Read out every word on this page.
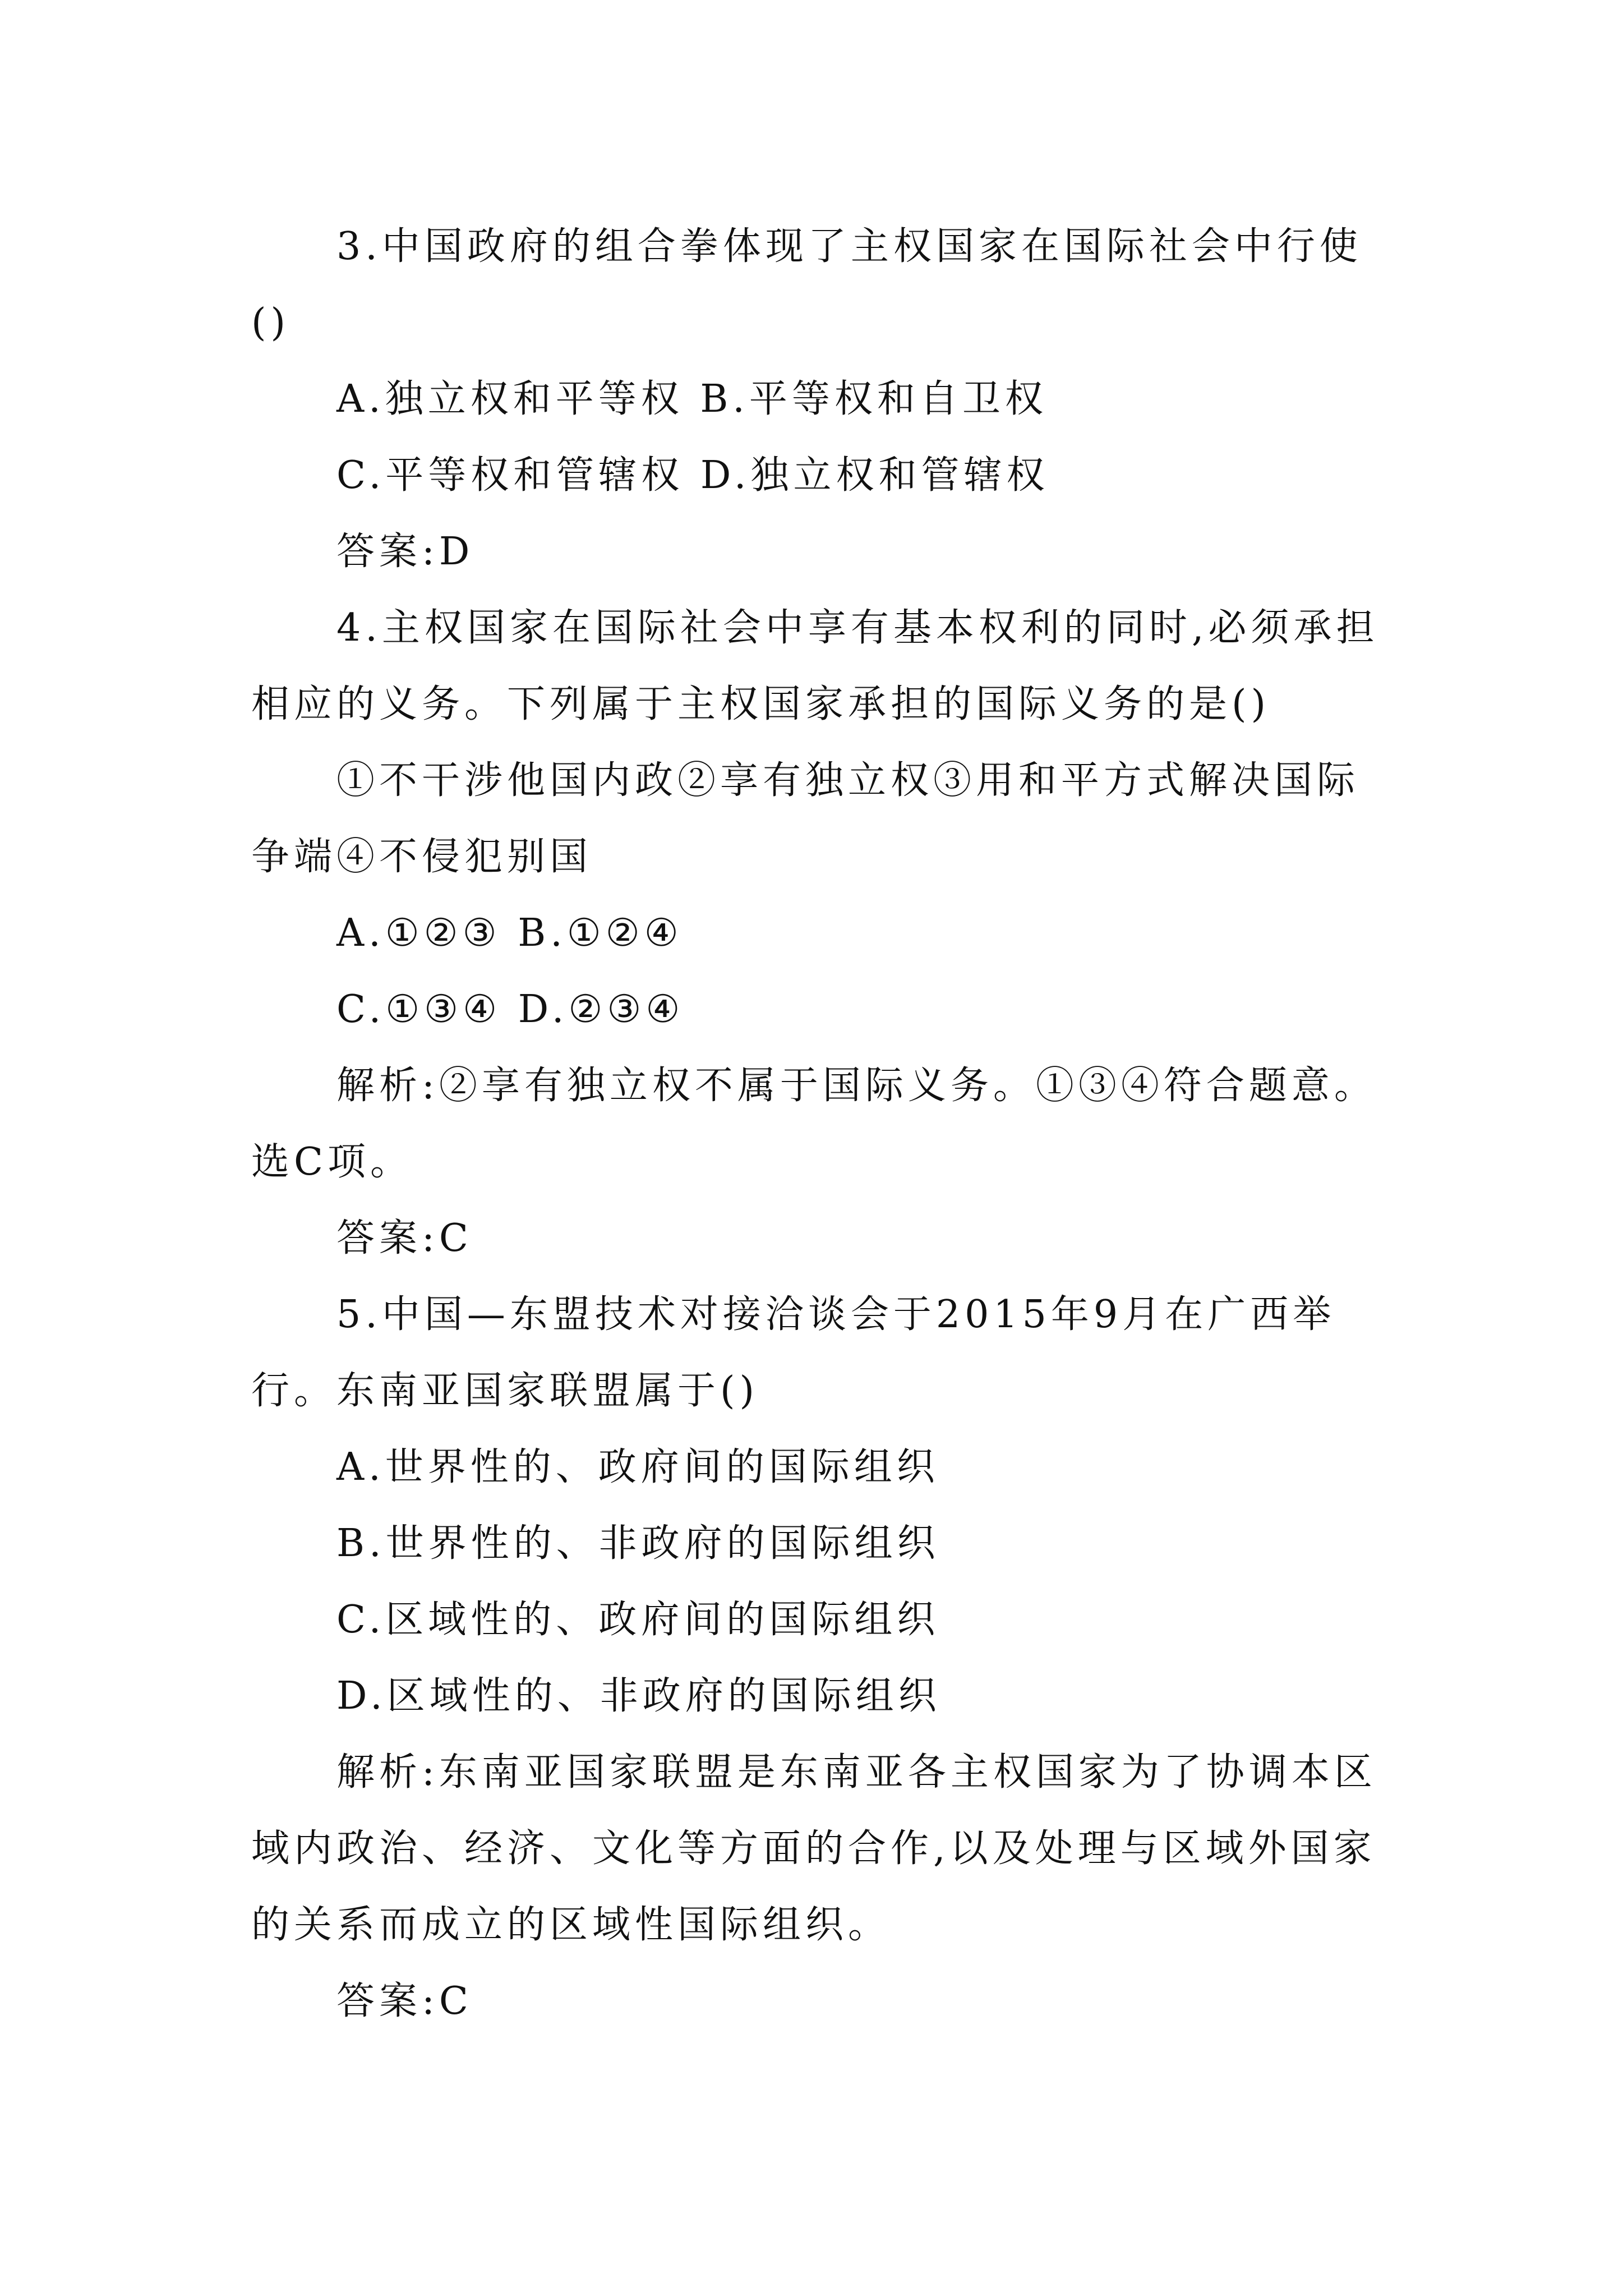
3.中国政府的组合拳体现了主权国家在国际社会中行使()

A.独立权和平等权 B.平等权和自卫权

C.平等权和管辖权 D.独立权和管辖权

答案:D

4.主权国家在国际社会中享有基本权利的同时,必须承担相应的义务。下列属于主权国家承担的国际义务的是()

①不干涉他国内政②享有独立权③用和平方式解决国际争端④不侵犯别国

A.①②③ B.①②④

C.①③④ D.②③④

解析:②享有独立权不属于国际义务。①③④符合题意。选C项。

答案:C

5.中国—东盟技术对接洽谈会于2015年9月在广西举行。东南亚国家联盟属于()

A.世界性的、政府间的国际组织

B.世界性的、非政府的国际组织

C.区域性的、政府间的国际组织

D.区域性的、非政府的国际组织

解析:东南亚国家联盟是东南亚各主权国家为了协调本区域内政治、经济、文化等方面的合作,以及处理与区域外国家的关系而成立的区域性国际组织。

答案:C
